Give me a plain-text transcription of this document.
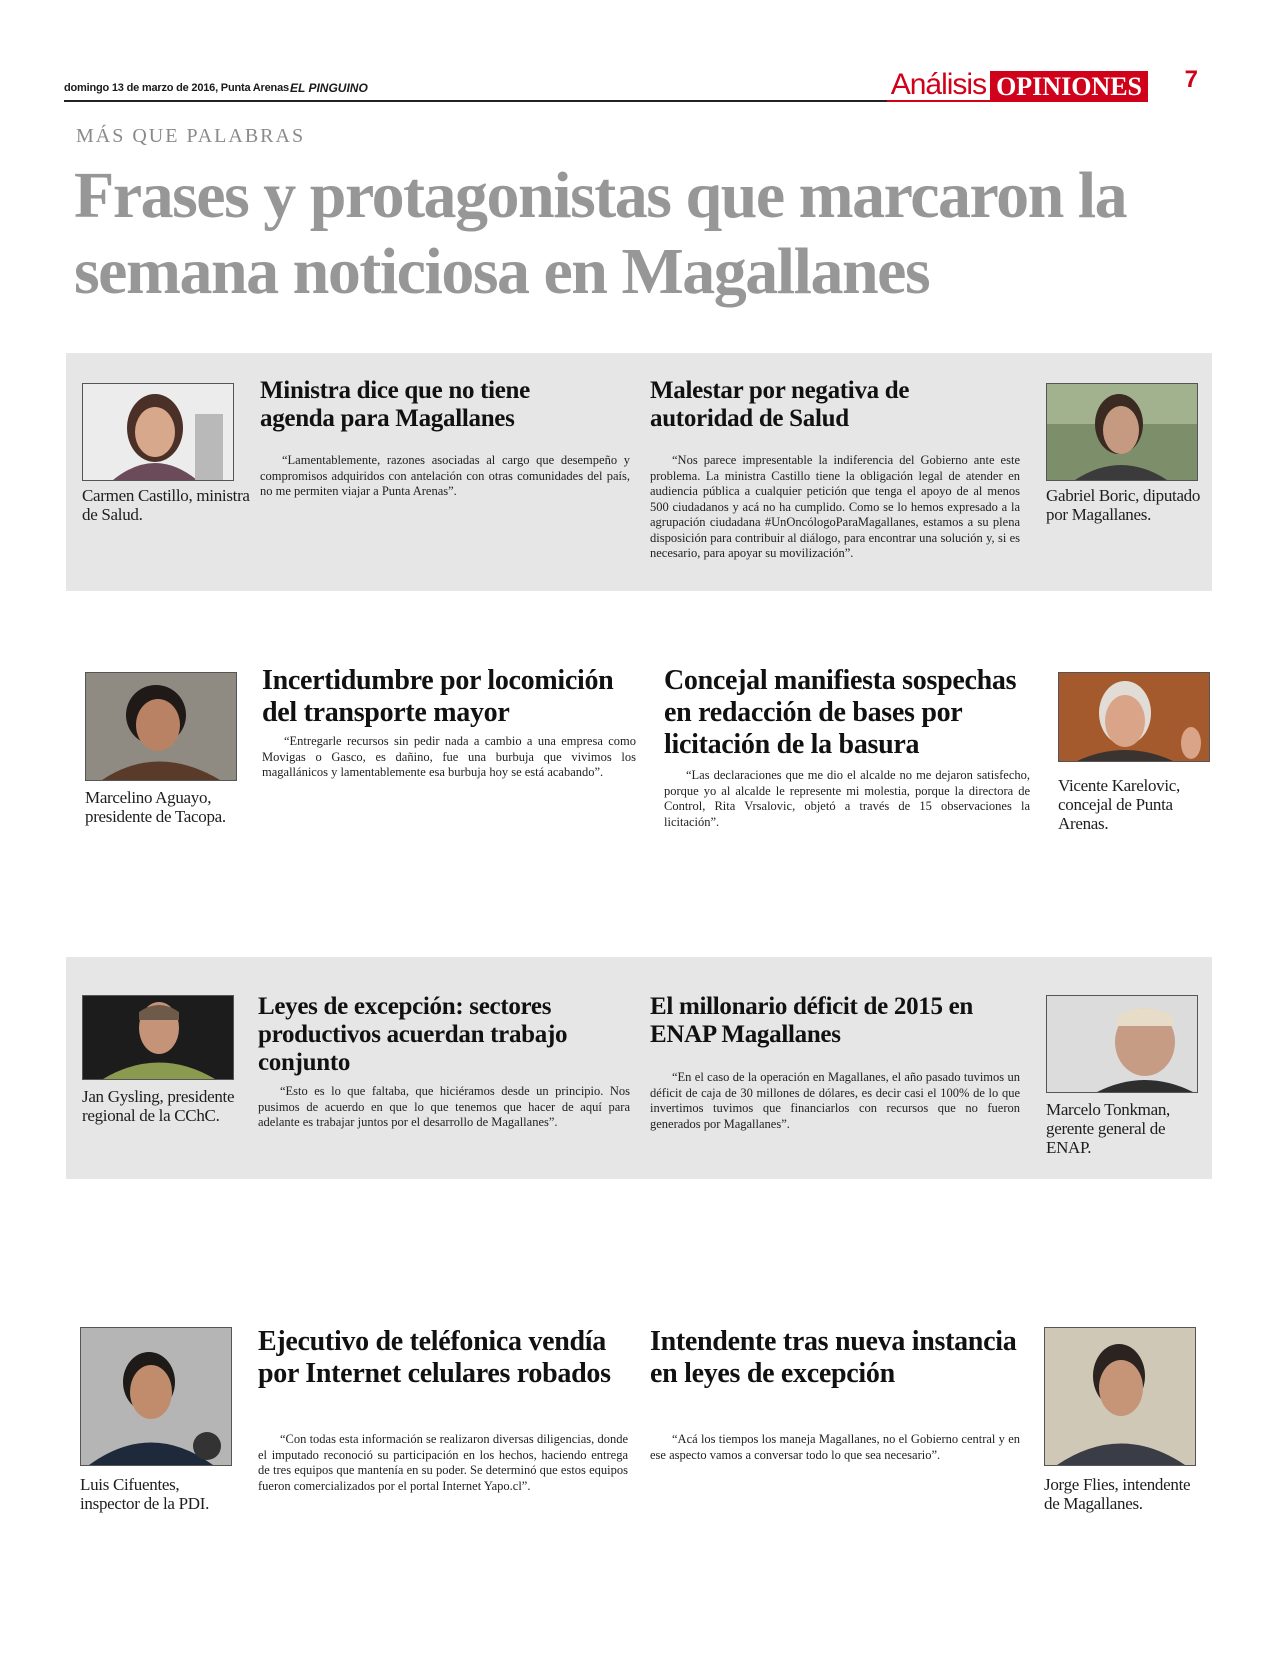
domingo 13 de marzo de 2016, Punta Arenas EL PINGUINO	Análisis OPINIONES 7
MÁS QUE PALABRAS
Frases y protagonistas que marcaron la semana noticiosa en Magallanes
Carmen Castillo, ministra de Salud.
Ministra dice que no tiene agenda para Magallanes

“Lamentablemente, razones asociadas al cargo que desempeño y compromisos adquiridos con antelación con otras comunidades del país, no me permiten viajar a Punta Arenas”.

Malestar por negativa de autoridad de Salud

“Nos parece impresentable la indiferencia del Gobierno ante este problema. La ministra Castillo tiene la obligación legal de atender en audiencia pública a cualquier petición que tenga el apoyo de al menos 500 ciudadanos y acá no ha cumplido. Como se lo hemos expresado a la agrupación ciudadana #UnOncólogoParaMagallanes, estamos a su plena disposición para contribuir al diálogo, para encontrar una solución y, si es necesario, para apoyar su movilización”.

Gabriel Boric, diputado por Magallanes.
Marcelino Aguayo, presidente de Tacopa.
Incertidumbre por locomición del transporte mayor

“Entregarle recursos sin pedir nada a cambio a una empresa como Movigas o Gasco, es dañino, fue una burbuja que vivimos los magallánicos y lamentablemente esa burbuja hoy se está acabando”.

Concejal manifiesta sospechas en redacción de bases por licitación de la basura

“Las declaraciones que me dio el alcalde no me dejaron satisfecho, porque yo al alcalde le represente mi molestia, porque la directora de Control, Rita Vrsalovic, objetó a través de 15 observaciones la licitación”.

Vicente Karelovic, concejal de Punta Arenas.
Jan Gysling, presidente regional de la CChC.
Leyes de excepción: sectores productivos acuerdan trabajo conjunto

“Esto es lo que faltaba, que hiciéramos desde un principio. Nos pusimos de acuerdo en que lo que tenemos que hacer de aquí para adelante es trabajar juntos por el desarrollo de Magallanes”.

El millonario déficit de 2015 en ENAP Magallanes

“En el caso de la operación en Magallanes, el año pasado tuvimos un déficit de caja de 30 millones de dólares, es decir casi el 100% de lo que invertimos tuvimos que financiarlos con recursos que no fueron generados por Magallanes”.

Marcelo Tonkman, gerente general de ENAP.
Luis Cifuentes, inspector de la PDI.
Ejecutivo de teléfonica vendía por Internet celulares robados

“Con todas esta información se realizaron diversas diligencias, donde el imputado reconoció su participación en los hechos, haciendo entrega de tres equipos que mantenía en su poder. Se determinó que estos equipos fueron comercializados por el portal Internet Yapo.cl”.

Intendente tras nueva instancia en leyes de excepción

“Acá los tiempos los maneja Magallanes, no el Gobierno central y en ese aspecto vamos a conversar todo lo que sea necesario”.

Jorge Flies, intendente de Magallanes.
